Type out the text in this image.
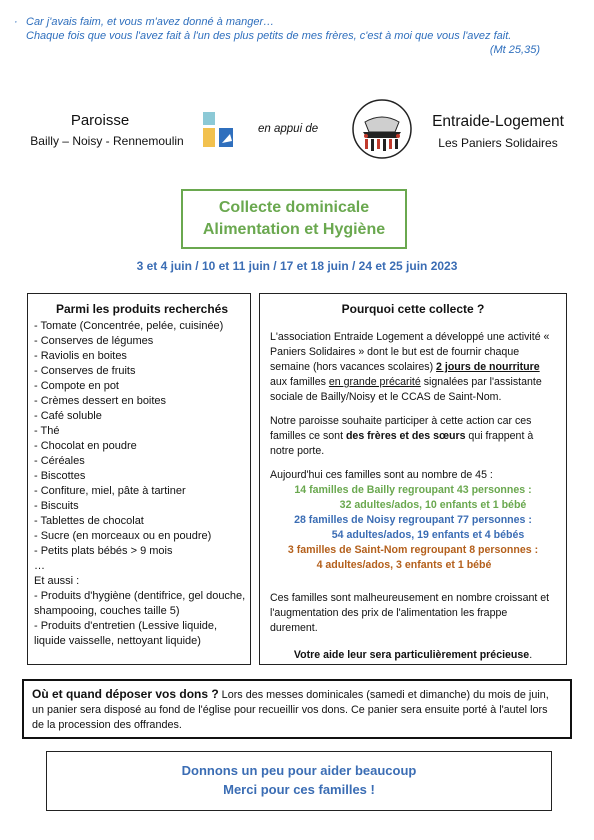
· Car j'avais faim, et vous m'avez donné à manger…
Chaque fois que vous l'avez fait à l'un des plus petits de mes frères, c'est à moi que vous l'avez fait.
(Mt 25,35)
Paroisse
Bailly – Noisy - Rennemoulin
en appui de	Entraide-Logement
Les Paniers Solidaires
Collecte dominicale
Alimentation et Hygiène
3 et 4 juin / 10 et 11 juin / 17 et 18 juin / 24 et 25 juin 2023
Parmi les produits recherchés
- Tomate (Concentrée, pelée, cuisinée)
- Conserves de légumes
- Raviolis en boites
- Conserves de fruits
- Compote en pot
- Crèmes dessert en boites
- Café soluble
- Thé
- Chocolat en poudre
- Céréales
- Biscottes
- Confiture, miel, pâte à tartiner
- Biscuits
- Tablettes de chocolat
- Sucre (en morceaux ou en poudre)
- Petits plats bébés > 9 mois
…
Et aussi :
- Produits d'hygiène (dentifrice, gel douche, shampooing, couches taille 5)
- Produits d'entretien (Lessive liquide, liquide vaisselle, nettoyant liquide)
Pourquoi cette collecte ?

L'association Entraide Logement a développé une activité « Paniers Solidaires » dont le but est de fournir chaque semaine (hors vacances scolaires) 2 jours de nourriture aux familles en grande précarité signalées par l'assistante sociale de Bailly/Noisy et le CCAS de Saint-Nom.

Notre paroisse souhaite participer à cette action car ces familles ce sont des frères et des sœurs qui frappent à notre porte.

Aujourd'hui ces familles sont au nombre de 45 :
14 familles de Bailly regroupant 43 personnes :
32 adultes/ados, 10 enfants et 1 bébé
28 familles de Noisy regroupant 77 personnes :
54 adultes/ados, 19 enfants et 4 bébés
3 familles de Saint-Nom regroupant 8 personnes :
4 adultes/ados, 3 enfants et 1 bébé

Ces familles sont malheureusement en nombre croissant et l'augmentation des prix de l'alimentation les frappe durement.

Votre aide leur sera particulièrement précieuse.

Où et quand déposer vos dons ? Lors des messes dominicales (samedi et dimanche) du mois de juin, un panier sera disposé au fond de l'église pour recueillir vos dons. Ce panier sera ensuite porté à l'autel lors de la procession des offrandes.
Donnons un peu pour aider beaucoup
Merci pour ces familles !
